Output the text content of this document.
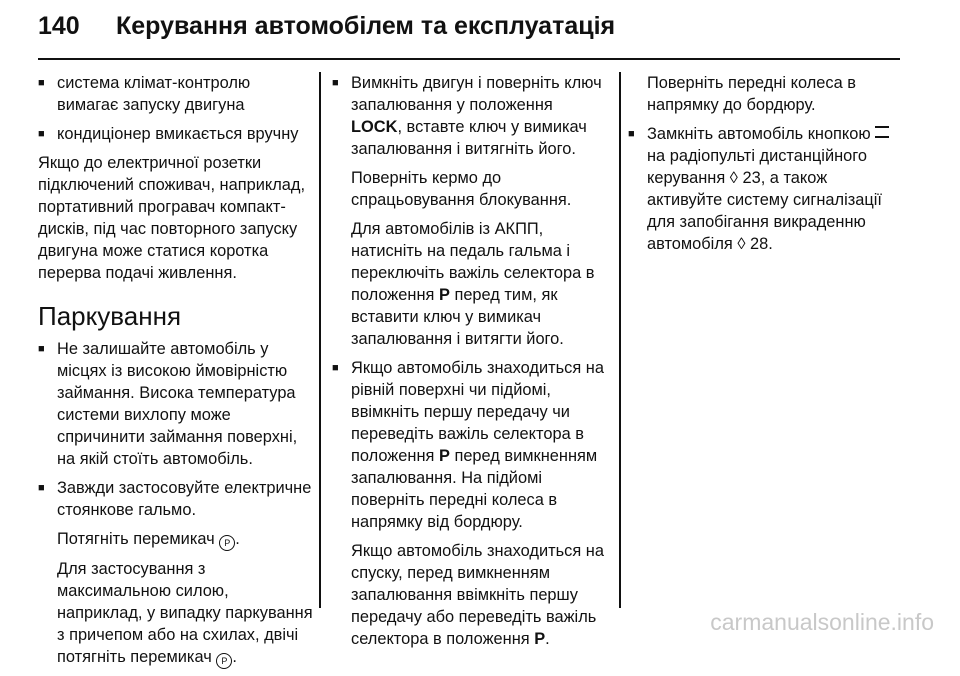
140 Керування автомобілем та експлуатація
■ система клімат-контролю вимагає запуску двигуна
■ кондиціонер вмикається вручну

Якщо до електричної розетки підключений споживач, наприклад, портативний програвач компакт-дисків, під час повторного запуску двигуна може статися коротка перерва подачі живлення.

Паркування
■ Не залишайте автомобіль у місцях із високою ймовірністю займання. Висока температура системи вихлопу може спричинити займання поверхні, на якій стоїть автомобіль.
■ Завжди застосовуйте електричне стоянкове гальмо.

Потягніть перемикач P .

Для застосування з максимальною силою, наприклад, у випадку паркування з причепом або на схилах, двічі потягніть перемикач P .

■ Вимкніть двигун і поверніть ключ запалювання у положення LOCK, вставте ключ у вимикач запалювання і витягніть його.

Поверніть кермо до спрацьовування блокування.

Для автомобілів із АКПП, натисніть на педаль гальма і переключіть важіль селектора в положення P перед тим, як вставити ключ у вимикач запалювання і витягти його.

■ Якщо автомобіль знаходиться на рівній поверхні чи підйомі, ввімкніть першу передачу чи переведіть важіль селектора в положення P перед вимкненням запалювання. На підйомі поверніть передні колеса в напрямку від бордюру.

Якщо автомобіль знаходиться на спуску, перед вимкненням запалювання ввімкніть першу передачу або переведіть важіль селектора в положення P.

Поверніть передні колеса в напрямку до бордюру.

■ Замкніть автомобіль кнопкою  на радіопульті дистанційного керування ◊ 23, а також активуйте систему сигналізації для запобігання викраденню автомобіля ◊ 28.
carmanualsonline.info
